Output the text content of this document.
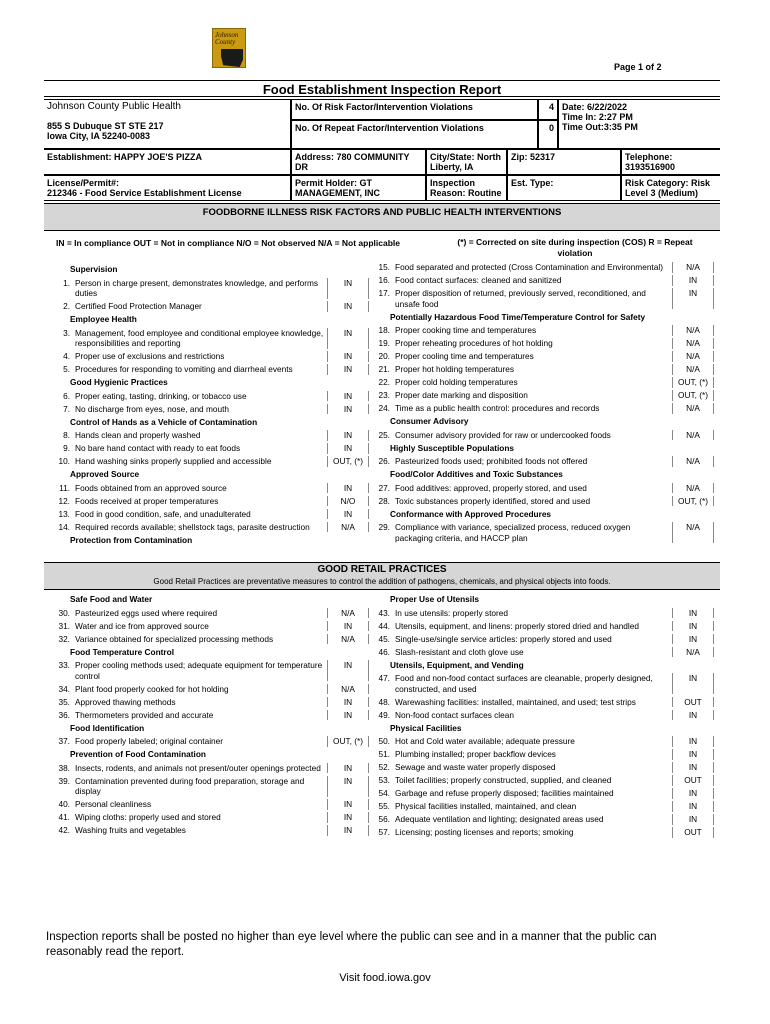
Johnson County
Page 1 of 2
Food Establishment Inspection Report
Johnson County Public Health
855 S Dubuque ST STE 217
Iowa City, IA 52240-0083
No. Of Risk Factor/Intervention Violations	4
No. Of Repeat Factor/Intervention Violations	0
Date: 6/22/2022
Time In: 2:27 PM
Time Out:3:35 PM
Establishment: HAPPY JOE'S PIZZA	Address: 780 COMMUNITY DR
City/State: North Liberty, IA
Zip: 52317	Telephone:
3193516900
License/Permit#:
212346 - Food Service Establishment License
Permit Holder: GT MANAGEMENT, INC
Inspection Reason: Routine
Est. Type:	Risk Category: Risk Level 3 (Medium)
FOODBORNE ILLNESS RISK FACTORS AND PUBLIC HEALTH INTERVENTIONS
IN = In compliance OUT = Not in compliance N/O = Not observed N/A = Not applicable	(*) = Corrected on site during inspection (COS) R = Repeat violation
Supervision
1. Person in charge present, demonstrates knowledge, and performs duties
IN
2. Certified Food Protection Manager	IN
Employee Health
3. Management, food employee and conditional employee knowledge, responsibilities and reporting
IN
4. Proper use of exclusions and restrictions	IN
5. Procedures for responding to vomiting and diarrheal events	IN
Good Hygienic Practices
6. Proper eating, tasting, drinking, or tobacco use	IN
7. No discharge from eyes, nose, and mouth	IN
Control of Hands as a Vehicle of Contamination
8. Hands clean and properly washed	IN
9. No bare hand contact with ready to eat foods	IN
10. Hand washing sinks properly supplied and accessible	OUT, (*)
Approved Source
11. Foods obtained from an approved source	IN
12. Foods received at proper temperatures	N/O
13. Food in good condition, safe, and unadulterated	IN
14. Required records available; shellstock tags, parasite destruction	N/A
Protection from Contamination
15. Food separated and protected (Cross Contamination and Environmental)	N/A
16. Food contact surfaces: cleaned and sanitized	IN
17. Proper disposition of returned, previously served, reconditioned, and unsafe food
IN
Potentially Hazardous Food Time/Temperature Control for Safety
18. Proper cooking time and temperatures	N/A
19. Proper reheating procedures of hot holding	N/A
20. Proper cooling time and temperatures	N/A
21. Proper hot holding temperatures	N/A
22. Proper cold holding temperatures	OUT, (*)
23. Proper date marking and disposition	OUT, (*)
24. Time as a public health control: procedures and records	N/A
Consumer Advisory
25. Consumer advisory provided for raw or undercooked foods	N/A
Highly Susceptible Populations
26. Pasteurized foods used; prohibited foods not offered	N/A
Food/Color Additives and Toxic Substances
27. Food additives: approved, properly stored, and used	N/A
28. Toxic substances properly identified, stored and used	OUT, (*)
Conformance with Approved Procedures
29. Compliance with variance, specialized process, reduced oxygen packaging criteria, and HACCP plan
N/A
GOOD RETAIL PRACTICES
Good Retail Practices are preventative measures to control the addition of pathogens, chemicals, and physical objects into foods.
Safe Food and Water
30. Pasteurized eggs used where required	N/A
31. Water and ice from approved source	IN
32. Variance obtained for specialized processing methods	N/A
Food Temperature Control
33. Proper cooling methods used; adequate equipment for temperature control
IN
34. Plant food properly cooked for hot holding	N/A
35. Approved thawing methods	IN
36. Thermometers provided and accurate	IN
Food Identification
37. Food properly labeled; original container	OUT, (*)
Prevention of Food Contamination
38. Insects, rodents, and animals not present/outer openings protected	IN
39. Contamination prevented during food preparation, storage and display
IN
40. Personal cleanliness	IN
41. Wiping cloths: properly used and stored	IN
42. Washing fruits and vegetables	IN
Proper Use of Utensils
43. In use utensils: properly stored	IN
44. Utensils, equipment, and linens: properly stored dried and handled	IN
45. Single-use/single service articles: properly stored and used	IN
46. Slash-resistant and cloth glove use	N/A
Utensils, Equipment, and Vending
47. Food and non-food contact surfaces are cleanable, properly designed, constructed, and used
IN
48. Warewashing facilities: installed, maintained, and used; test strips	OUT
49. Non-food contact surfaces clean	IN
Physical Facilities
50. Hot and Cold water available; adequate pressure	IN
51. Plumbing installed; proper backflow devices	IN
52. Sewage and waste water properly disposed	IN
53. Toilet facilities; properly constructed, supplied, and cleaned	OUT
54. Garbage and refuse properly disposed; facilities maintained	IN
55. Physical facilities installed, maintained, and clean	IN
56. Adequate ventilation and lighting; designated areas used	IN
57. Licensing; posting licenses and reports; smoking	OUT
Inspection reports shall be posted no higher than eye level where the public can see and in a manner that the public can reasonably read the report.
Visit food.iowa.gov
